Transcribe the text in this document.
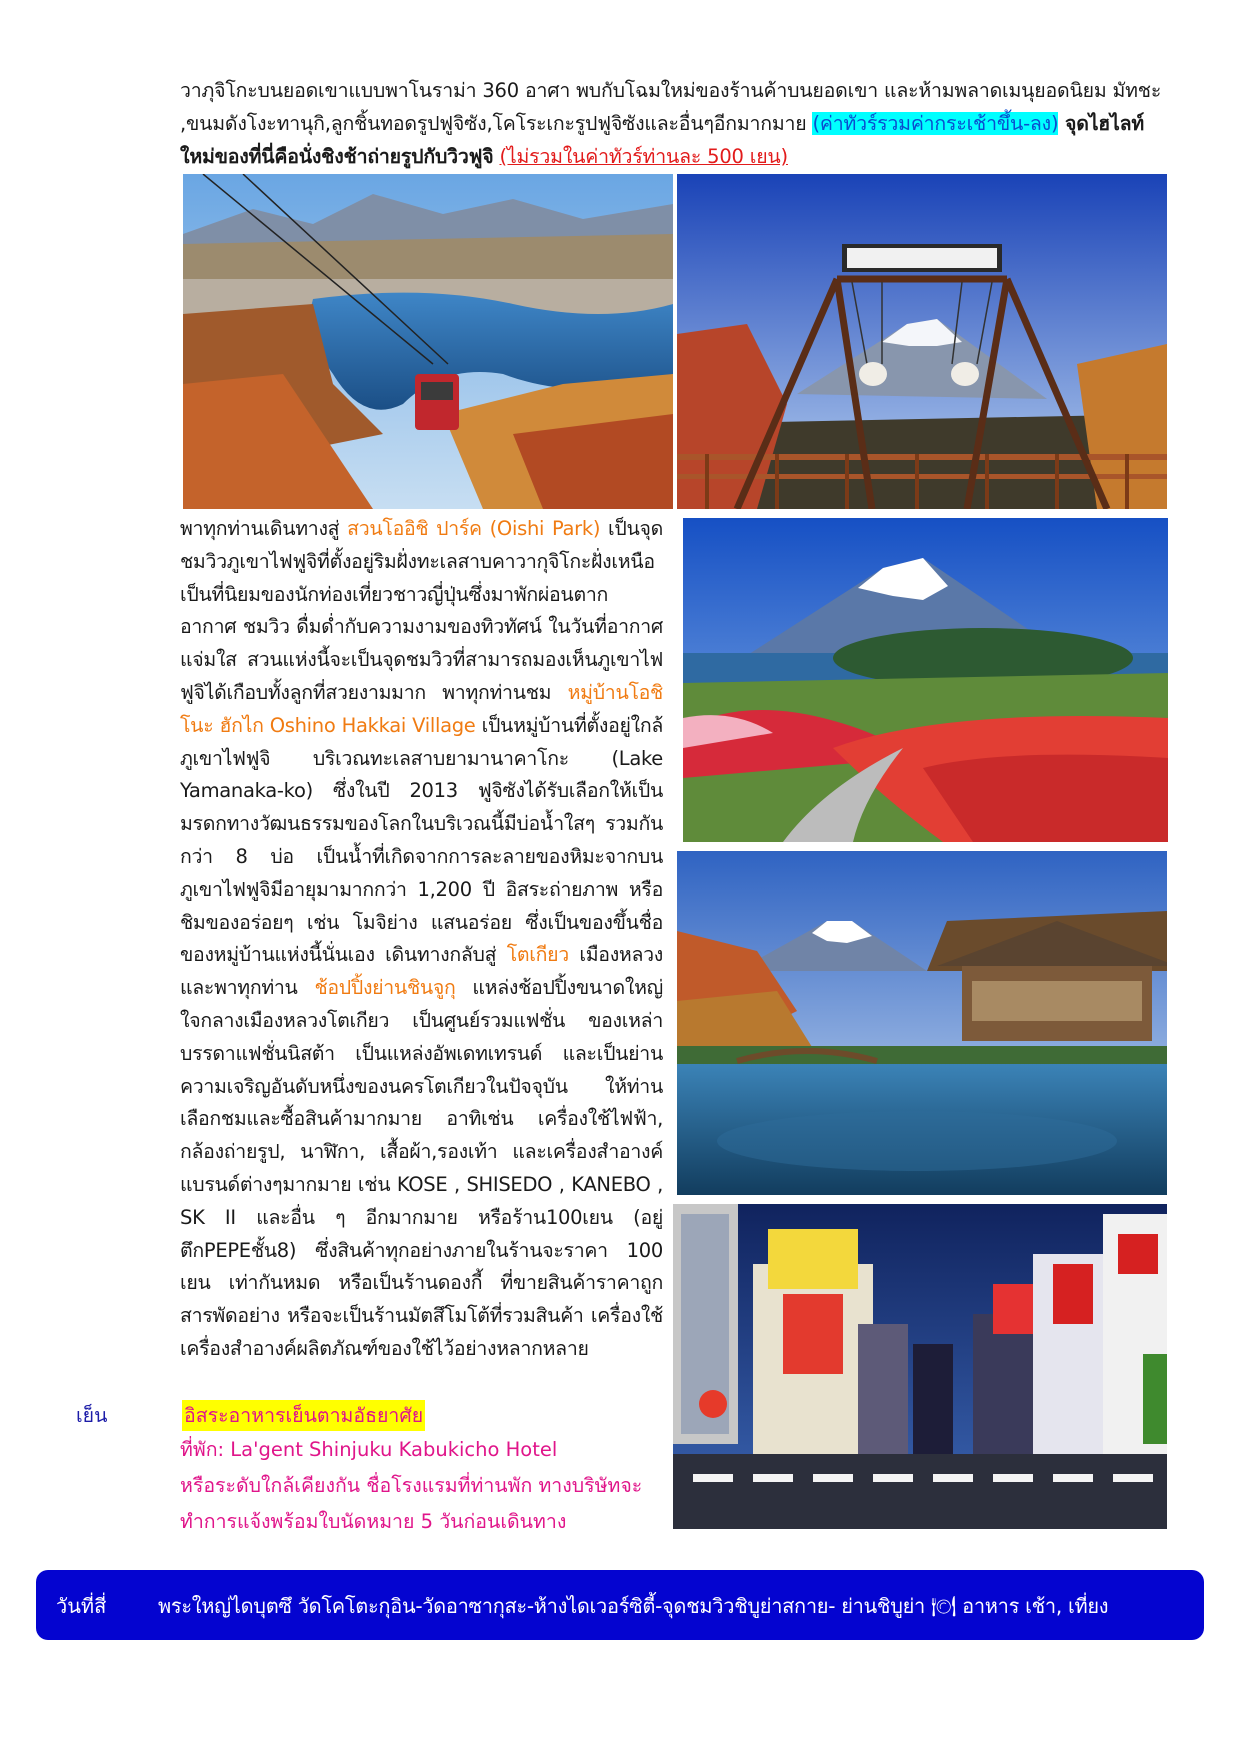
วาภุจิโกะบนยอดเขาแบบพาโนราม่า 360 อาศา พบกับโฉมใหม่ของร้านค้าบนยอดเขา และห้ามพลาดเมนุยอดนิยม มัทชะ
,ขนมดังโงะทานุกิ,ลูกชิ้นทอดรูปฟูจิซัง,โคโระเกะรูปฟูจิซังและอื่นๆอีกมากมาย (ค่าทัวร์รวมค่ากระเช้าขึ้น-ลง) จุดไฮไลท์
ใหม่ของที่นี่คือนั่งชิงช้าถ่ายรูปกับวิวฟูจิ (ไม่รวมในค่าทัวร์ท่านละ 500 เยน)
พาทุกท่านเดินทางสู่ สวนโออิชิ ปาร์ค (Oishi Park) เป็นจุดชมวิวภูเขาไฟฟูจิที่ตั้งอยู่ริมฝั่งทะเลสาบคาวากุจิโกะฝั่งเหนือ เป็นที่นิยมของนักท่องเที่ยวชาวญี่ปุ่นซึ่งมาพักผ่อนตากอากาศ ชมวิว ดื่มด่ำกับความงามของทิวทัศน์ ในวันที่อากาศแจ่มใส สวนแห่งนี้จะเป็นจุดชมวิวที่สามารถมองเห็นภูเขาไฟฟูจิได้เกือบทั้งลูกที่สวยงามมาก พาทุกท่านชม หมู่บ้านโอชิโนะ ฮักไก Oshino Hakkai Village เป็นหมู่บ้านที่ตั้งอยู่ใกล้ภูเขาไฟฟูจิ บริเวณทะเลสาบยามานาคาโกะ (Lake Yamanaka-ko) ซึ่งในปี 2013 ฟูจิซังได้รับเลือกให้เป็นมรดกทางวัฒนธรรมของโลกในบริเวณนี้มีบ่อน้ำใสๆ รวมกันกว่า 8 บ่อ เป็นน้ำที่เกิดจากการละลายของหิมะจากบนภูเขาไฟฟูจิมีอายุมามากกว่า 1,200 ปี อิสระถ่ายภาพ หรือ ชิมของอร่อยๆ เช่น โมจิย่าง แสนอร่อย ซึ่งเป็นของขึ้นชื่อของหมู่บ้านแห่งนี้นั่นเอง เดินทางกลับสู่ โตเกียว เมืองหลวง และพาทุกท่าน ช้อปปิ้งย่านชินจูกุ แหล่งช้อปปิ้งขนาดใหญ่ใจกลางเมืองหลวงโตเกียว เป็นศูนย์รวมแฟชั่น ของเหล่าบรรดาแฟชั่นนิสต้า เป็นแหล่งอัพเดทเทรนด์ และเป็นย่านความเจริญอันดับหนึ่งของนครโตเกียวในปัจจุบัน ให้ท่านเลือกชมและซื้อสินค้ามากมาย อาทิเช่น เครื่องใช้ไฟฟ้า, กล้องถ่ายรูป, นาฬิกา, เสื้อผ้า,รองเท้า และเครื่องสำอางค์แบรนด์ต่างๆมากมาย เช่น KOSE , SHISEDO , KANEBO , SK II และอื่น ๆ อีกมากมาย หรือร้าน100เยน (อยู่ตึกPEPEชั้น8) ซึ่งสินค้าทุกอย่างภายในร้านจะราคา 100 เยน เท่ากันหมด หรือเป็นร้านดองกี้ ที่ขายสินค้าราคาถูกสารพัดอย่าง หรือจะเป็นร้านมัตสึโมโต้ที่รวมสินค้า เครื่องใช้เครื่องสำอางค์ผลิตภัณฑ์ของใช้ไว้อย่างหลากหลาย
เย็น	อิสระอาหารเย็นตามอัธยาศัย
ที่พัก: La'gent Shinjuku Kabukicho Hotel
หรือระดับใกล้เคียงกัน ชื่อโรงแรมที่ท่านพัก ทางบริษัทจะ
ทำการแจ้งพร้อมใบนัดหมาย 5 วันก่อนเดินทาง
วันที่สี่	พระใหญ่ไดบุตซึ วัดโคโตะกุอิน-วัดอาซากุสะ-ห้างไดเวอร์ซิตี้-จุดชมวิวชิบูย่าสกาย- ย่านชิบูย่า 🍽 อาหาร เช้า, เที่ยง
